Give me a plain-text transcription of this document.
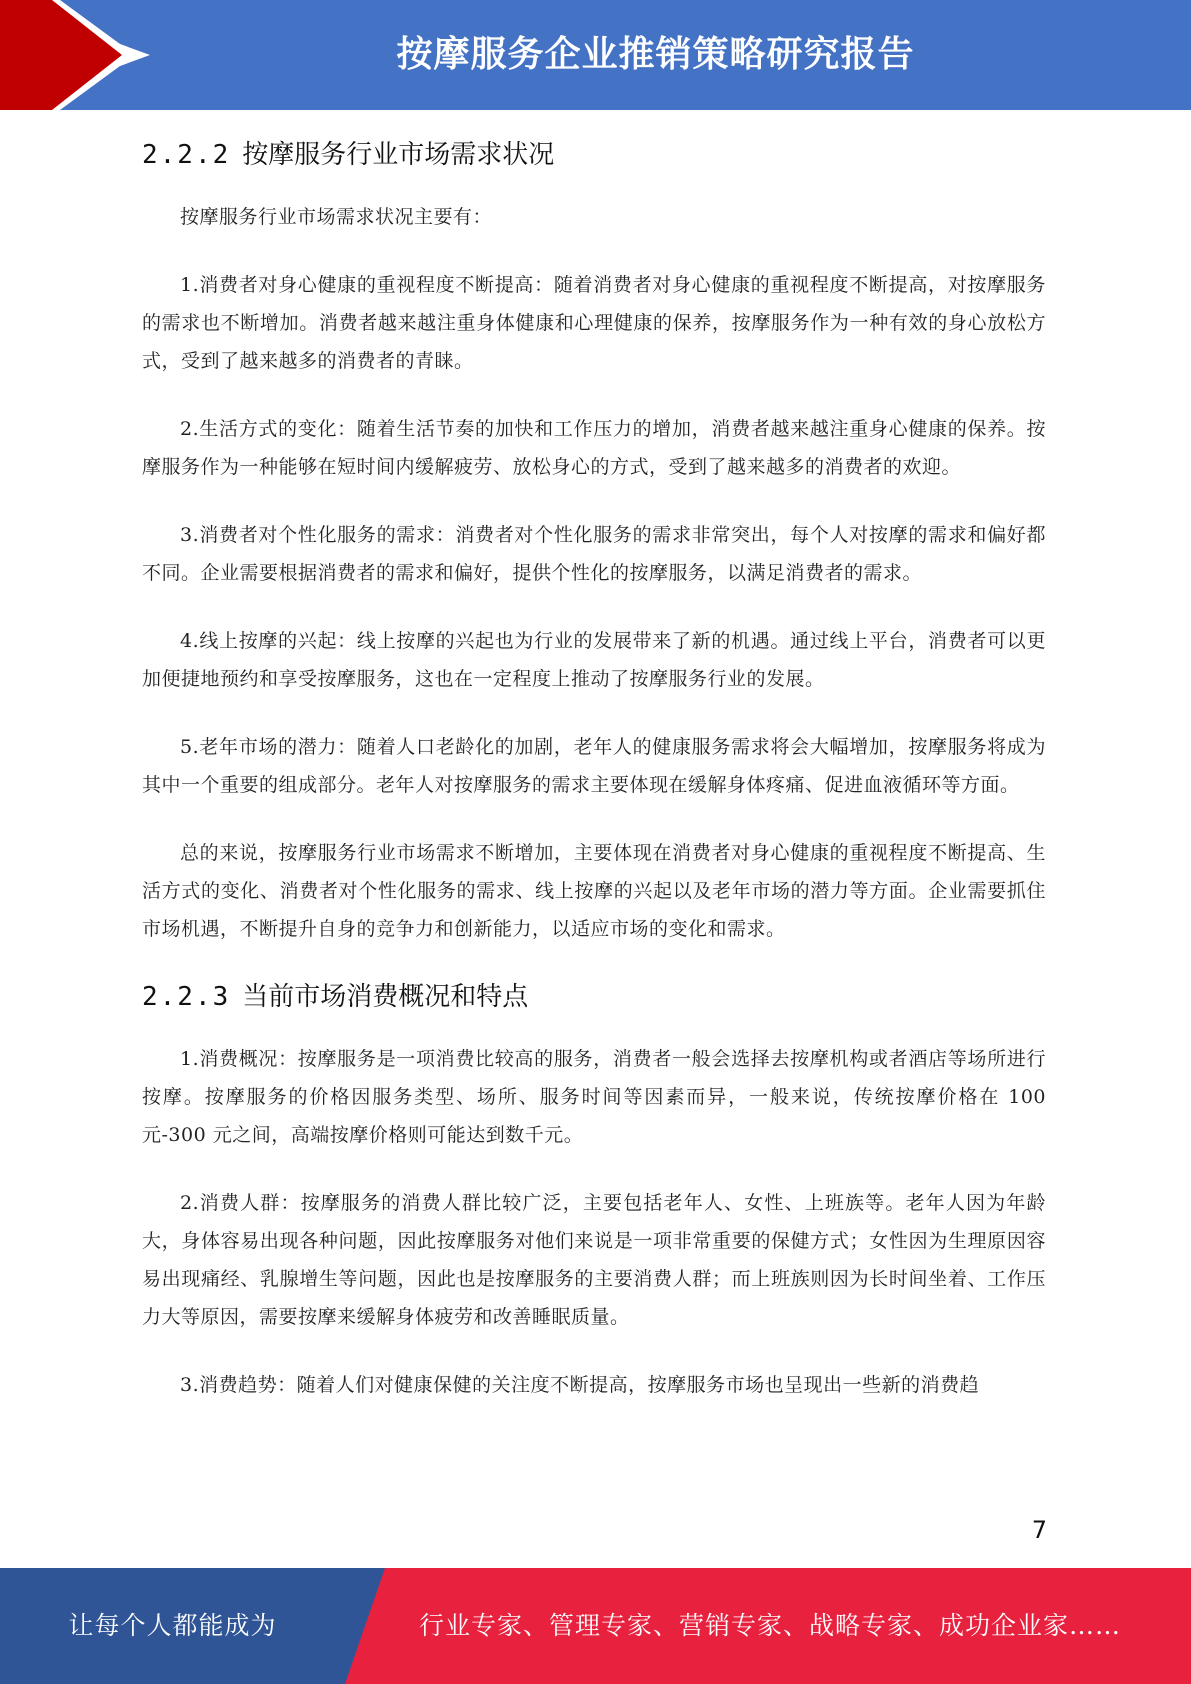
按摩服务企业推销策略研究报告
2.2.2 按摩服务行业市场需求状况

按摩服务行业市场需求状况主要有：

1.消费者对身心健康的重视程度不断提高：随着消费者对身心健康的重视程度不断提高，对按摩服务的需求也不断增加。消费者越来越注重身体健康和心理健康的保养，按摩服务作为一种有效的身心放松方式，受到了越来越多的消费者的青睐。

2.生活方式的变化：随着生活节奏的加快和工作压力的增加，消费者越来越注重身心健康的保养。按摩服务作为一种能够在短时间内缓解疲劳、放松身心的方式，受到了越来越多的消费者的欢迎。

3.消费者对个性化服务的需求：消费者对个性化服务的需求非常突出，每个人对按摩的需求和偏好都不同。企业需要根据消费者的需求和偏好，提供个性化的按摩服务，以满足消费者的需求。

4.线上按摩的兴起：线上按摩的兴起也为行业的发展带来了新的机遇。通过线上平台，消费者可以更加便捷地预约和享受按摩服务，这也在一定程度上推动了按摩服务行业的发展。

5.老年市场的潜力：随着人口老龄化的加剧，老年人的健康服务需求将会大幅增加，按摩服务将成为其中一个重要的组成部分。老年人对按摩服务的需求主要体现在缓解身体疼痛、促进血液循环等方面。

总的来说，按摩服务行业市场需求不断增加，主要体现在消费者对身心健康的重视程度不断提高、生活方式的变化、消费者对个性化服务的需求、线上按摩的兴起以及老年市场的潜力等方面。企业需要抓住市场机遇，不断提升自身的竞争力和创新能力，以适应市场的变化和需求。

2.2.3 当前市场消费概况和特点

1.消费概况：按摩服务是一项消费比较高的服务，消费者一般会选择去按摩机构或者酒店等场所进行按摩。按摩服务的价格因服务类型、场所、服务时间等因素而异，一般来说，传统按摩价格在 100 元-300 元之间，高端按摩价格则可能达到数千元。

2.消费人群：按摩服务的消费人群比较广泛，主要包括老年人、女性、上班族等。老年人因为年龄大，身体容易出现各种问题，因此按摩服务对他们来说是一项非常重要的保健方式；女性因为生理原因容易出现痛经、乳腺增生等问题，因此也是按摩服务的主要消费人群；而上班族则因为长时间坐着、工作压力大等原因，需要按摩来缓解身体疲劳和改善睡眠质量。

3.消费趋势：随着人们对健康保健的关注度不断提高，按摩服务市场也呈现出一些新的消费趋

7
让每个人都能成为	行业专家、管理专家、营销专家、战略专家、成功企业家……
